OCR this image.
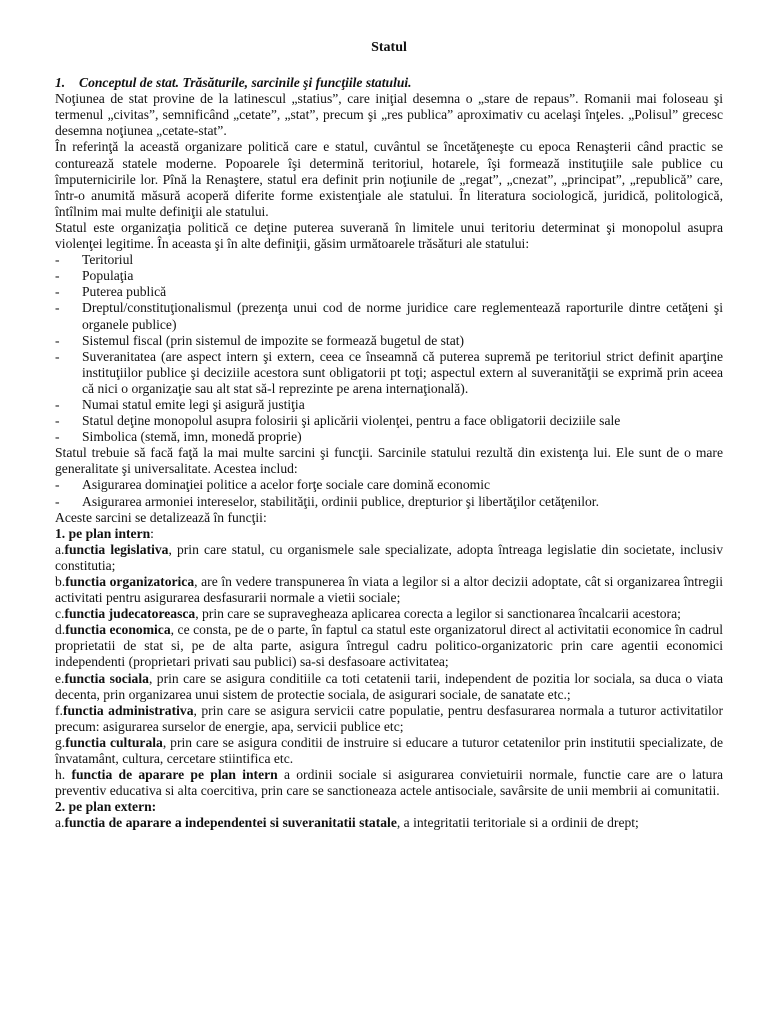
Statul
1. Conceptul de stat. Trăsăturile, sarcinile şi funcţiile statului.

Noţiunea de stat provine de la latinescul „statius”, care iniţial desemna o „stare de repaus”. Romanii mai foloseau şi termenul „civitas”, semnificând „cetate”, „stat”, precum şi „res publica” aproximativ cu acelaşi înţeles. „Polisul” grecesc desemna noţiunea „cetate-stat”.

În referinţă la această organizare politică care e statul, cuvântul se încetăţeneşte cu epoca Renaşterii când practic se conturează statele moderne. Popoarele îşi determină teritoriul, hotarele, îşi formează instituţiile sale publice cu împuternicirile lor. Pînă la Renaştere, statul era definit prin noţiunile de „regat”, „cnezat”, „principat”, „republică” care, într-o anumită măsură acoperă diferite forme existenţiale ale statului. În literatura sociologică, juridică, politologică, întîlnim mai multe definiţii ale statului.

Statul este organizaţia politică ce deţine puterea suverană în limitele unui teritoriu determinat şi monopolul asupra violenţei legitime. În aceasta şi în alte definiţii, găsim următoarele trăsături ale statului:

- Teritoriul
- Populaţia
- Puterea publică
- Dreptul/constituţionalismul (prezenţa unui cod de norme juridice care reglementează raporturile dintre cetăţeni şi organele publice)
- Sistemul fiscal (prin sistemul de impozite se formează bugetul de stat)
- Suveranitatea (are aspect intern şi extern, ceea ce înseamnă că puterea supremă pe teritoriul strict definit aparţine instituţiilor publice şi deciziile acestora sunt obligatorii pt toţi; aspectul extern al suveranităţii se exprimă prin aceea că nici o organizaţie sau alt stat să-l reprezinte pe arena internaţională).
- Numai statul emite legi şi asigură justiţia
- Statul deţine monopolul asupra folosirii şi aplicării violenţei, pentru a face obligatorii deciziile sale
- Simbolica (stemă, imn, monedă proprie)

Statul trebuie să facă faţă la mai multe sarcini şi funcţii. Sarcinile statului rezultă din existenţa lui. Ele sunt de o mare generalitate şi universalitate. Acestea includ:

- Asigurarea dominaţiei politice a acelor forţe sociale care domină economic
- Asigurarea armoniei intereselor, stabilităţii, ordinii publice, drepturior şi libertăţilor cetăţenilor.

Aceste sarcini se detalizează în funcţii:

1. pe plan intern:

a.functia legislativa, prin care statul, cu organismele sale specializate, adopta întreaga legislatie din societate, inclusiv constitutia;

b.functia organizatorica, are în vedere transpunerea în viata a legilor si a altor decizii adoptate, cât si organizarea întregii activitati pentru asigurarea desfasurarii normale a vietii sociale;

c.functia judecatoreasca, prin care se supravegheaza aplicarea corecta a legilor si sanctionarea încalcarii acestora;

d.functia economica, ce consta, pe de o parte, în faptul ca statul este organizatorul direct al activitatii economice în cadrul proprietatii de stat si, pe de alta parte, asigura întregul cadru politico-organizatoric prin care agentii economici independenti (proprietari privati sau publici) sa-si desfasoare activitatea;

e.functia sociala, prin care se asigura conditiile ca toti cetatenii tarii, independent de pozitia lor sociala, sa duca o viata decenta, prin organizarea unui sistem de protectie sociala, de asigurari sociale, de sanatate etc.;

f.functia administrativa, prin care se asigura servicii catre populatie, pentru desfasurarea normala a tuturor activitatilor precum: asigurarea surselor de energie, apa, servicii publice etc;

g.functia culturala, prin care se asigura conditii de instruire si educare a tuturor cetatenilor prin institutii specializate, de învatamânt, cultura, cercetare stiintifica etc.

h. functia de aparare pe plan intern a ordinii sociale si asigurarea convietuirii normale, functie care are o latura preventiv educativa si alta coercitiva, prin care se sanctioneaza actele antisociale, savârsite de unii membrii ai comunitatii.

2. pe plan extern:

a.functia de aparare a independentei si suveranitatii statale, a integritatii teritoriale si a ordinii de drept;
